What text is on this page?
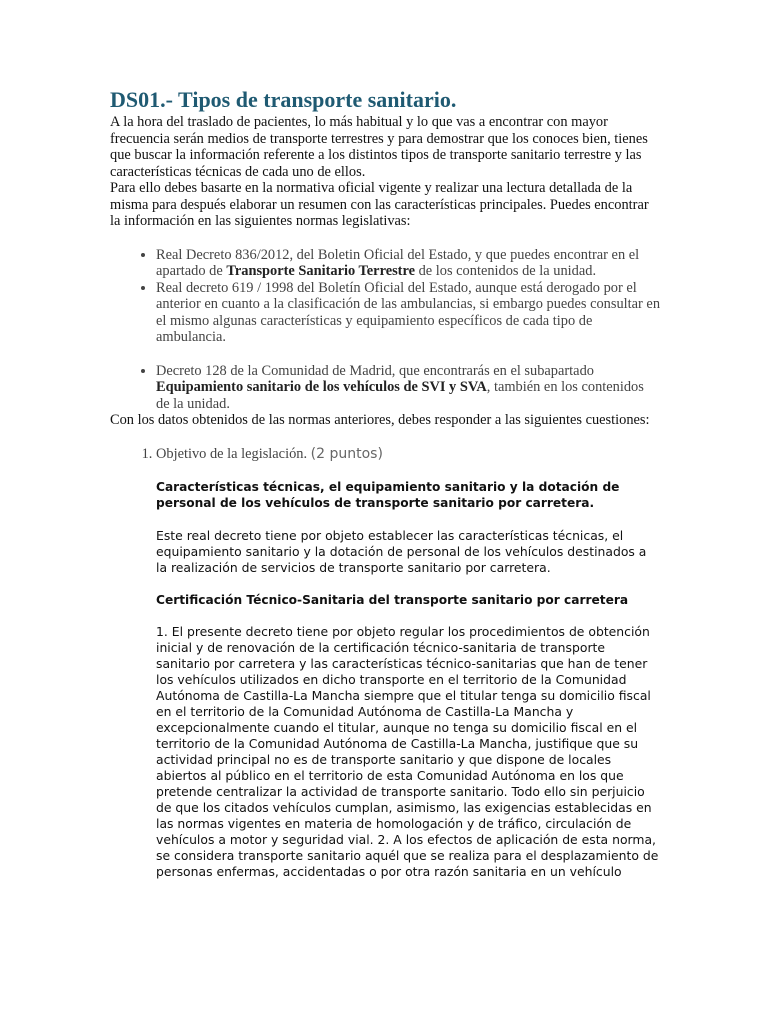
DS01.- Tipos de transporte sanitario.

A la hora del traslado de pacientes, lo más habitual y lo que vas a encontrar con mayor frecuencia serán medios de transporte terrestres y para demostrar que los conoces bien, tienes que buscar la información referente a los distintos tipos de transporte sanitario terrestre y las características técnicas de cada uno de ellos.

Para ello debes basarte en la normativa oficial vigente y realizar una lectura detallada de la misma para después elaborar un resumen con las características principales. Puedes encontrar la información en las siguientes normas legislativas:

• Real Decreto 836/2012, del Boletin Oficial del Estado, y que puedes encontrar en el apartado de Transporte Sanitario Terrestre de los contenidos de la unidad.
• Real decreto 619 / 1998 del Boletín Oficial del Estado, aunque está derogado por el anterior en cuanto a la clasificación de las ambulancias, si embargo puedes consultar en el mismo algunas características y equipamiento específicos de cada tipo de ambulancia.
• Decreto 128 de la Comunidad de Madrid, que encontrarás en el subapartado Equipamiento sanitario de los vehículos de SVI y SVA, también en los contenidos de la unidad.

Con los datos obtenidos de las normas anteriores, debes responder a las siguientes cuestiones:

1. Objetivo de la legislación. (2 puntos)

Características técnicas, el equipamiento sanitario y la dotación de personal de los vehículos de transporte sanitario por carretera.

Este real decreto tiene por objeto establecer las características técnicas, el equipamiento sanitario y la dotación de personal de los vehículos destinados a la realización de servicios de transporte sanitario por carretera.

Certificación Técnico-Sanitaria del transporte sanitario por carretera

1. El presente decreto tiene por objeto regular los procedimientos de obtención inicial y de renovación de la certificación técnico-sanitaria de transporte sanitario por carretera y las características técnico-sanitarias que han de tener los vehículos utilizados en dicho transporte en el territorio de la Comunidad Autónoma de Castilla-La Mancha siempre que el titular tenga su domicilio fiscal en el territorio de la Comunidad Autónoma de Castilla-La Mancha y excepcionalmente cuando el titular, aunque no tenga su domicilio fiscal en el territorio de la Comunidad Autónoma de Castilla-La Mancha, justifique que su actividad principal no es de transporte sanitario y que dispone de locales abiertos al público en el territorio de esta Comunidad Autónoma en los que pretende centralizar la actividad de transporte sanitario. Todo ello sin perjuicio de que los citados vehículos cumplan, asimismo, las exigencias establecidas en las normas vigentes en materia de homologación y de tráfico, circulación de vehículos a motor y seguridad vial. 2. A los efectos de aplicación de esta norma, se considera transporte sanitario aquél que se realiza para el desplazamiento de personas enfermas, accidentadas o por otra razón sanitaria en un vehículo
